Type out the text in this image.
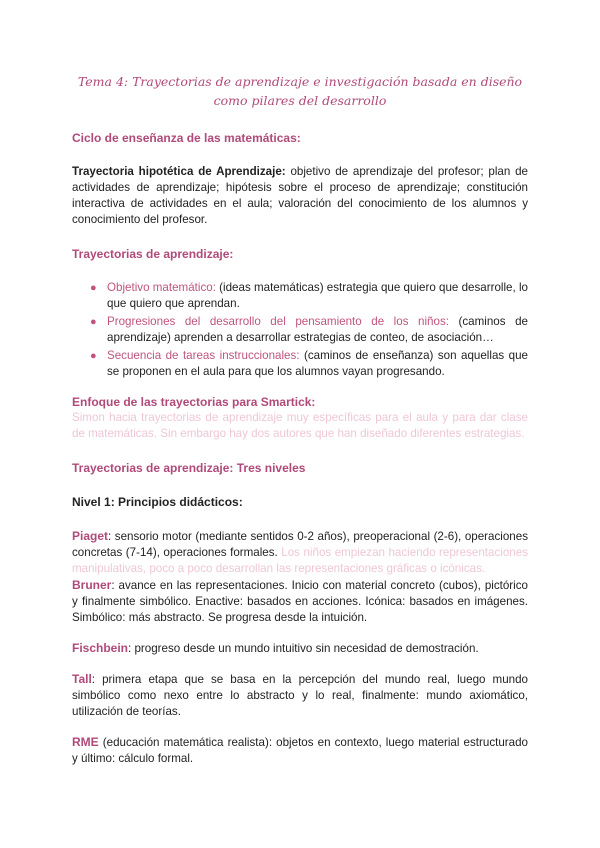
Tema 4: Trayectorias de aprendizaje e investigación basada en diseño como pilares del desarrollo
Ciclo de enseñanza de las matemáticas:

Trayectoria hipotética de Aprendizaje: objetivo de aprendizaje del profesor; plan de actividades de aprendizaje; hipótesis sobre el proceso de aprendizaje; constitución interactiva de actividades en el aula; valoración del conocimiento de los alumnos y conocimiento del profesor.

Trayectorias de aprendizaje:
● Objetivo matemático: (ideas matemáticas) estrategia que quiero que desarrolle, lo que quiero que aprendan.
● Progresiones del desarrollo del pensamiento de los niños: (caminos de aprendizaje) aprenden a desarrollar estrategias de conteo, de asociación…
● Secuencia de tareas instruccionales: (caminos de enseñanza) son aquellas que se proponen en el aula para que los alumnos vayan progresando.
Enfoque de las trayectorias para Smartick:

Simon hacia trayectorias de aprendizaje muy específicas para el aula y para dar clase de matemáticas. Sin embargo hay dos autores que han diseñado diferentes estrategias.

Trayectorias de aprendizaje: Tres niveles
Nivel 1: Principios didácticos:

Piaget: sensorio motor (mediante sentidos 0-2 años), preoperacional (2-6), operaciones concretas (7-14), operaciones formales. Los niños empiezan haciendo representaciones manipulativas, poco a poco desarrollan las representaciones gráficas o icónicas.

Bruner: avance en las representaciones. Inicio con material concreto (cubos), pictórico y finalmente simbólico. Enactive: basados en acciones. Icónica: basados en imágenes. Simbólico: más abstracto. Se progresa desde la intuición.

Fischbein: progreso desde un mundo intuitivo sin necesidad de demostración.

Tall: primera etapa que se basa en la percepción del mundo real, luego mundo simbólico como nexo entre lo abstracto y lo real, finalmente: mundo axiomático, utilización de teorías.

RME (educación matemática realista): objetos en contexto, luego material estructurado y último: cálculo formal.
